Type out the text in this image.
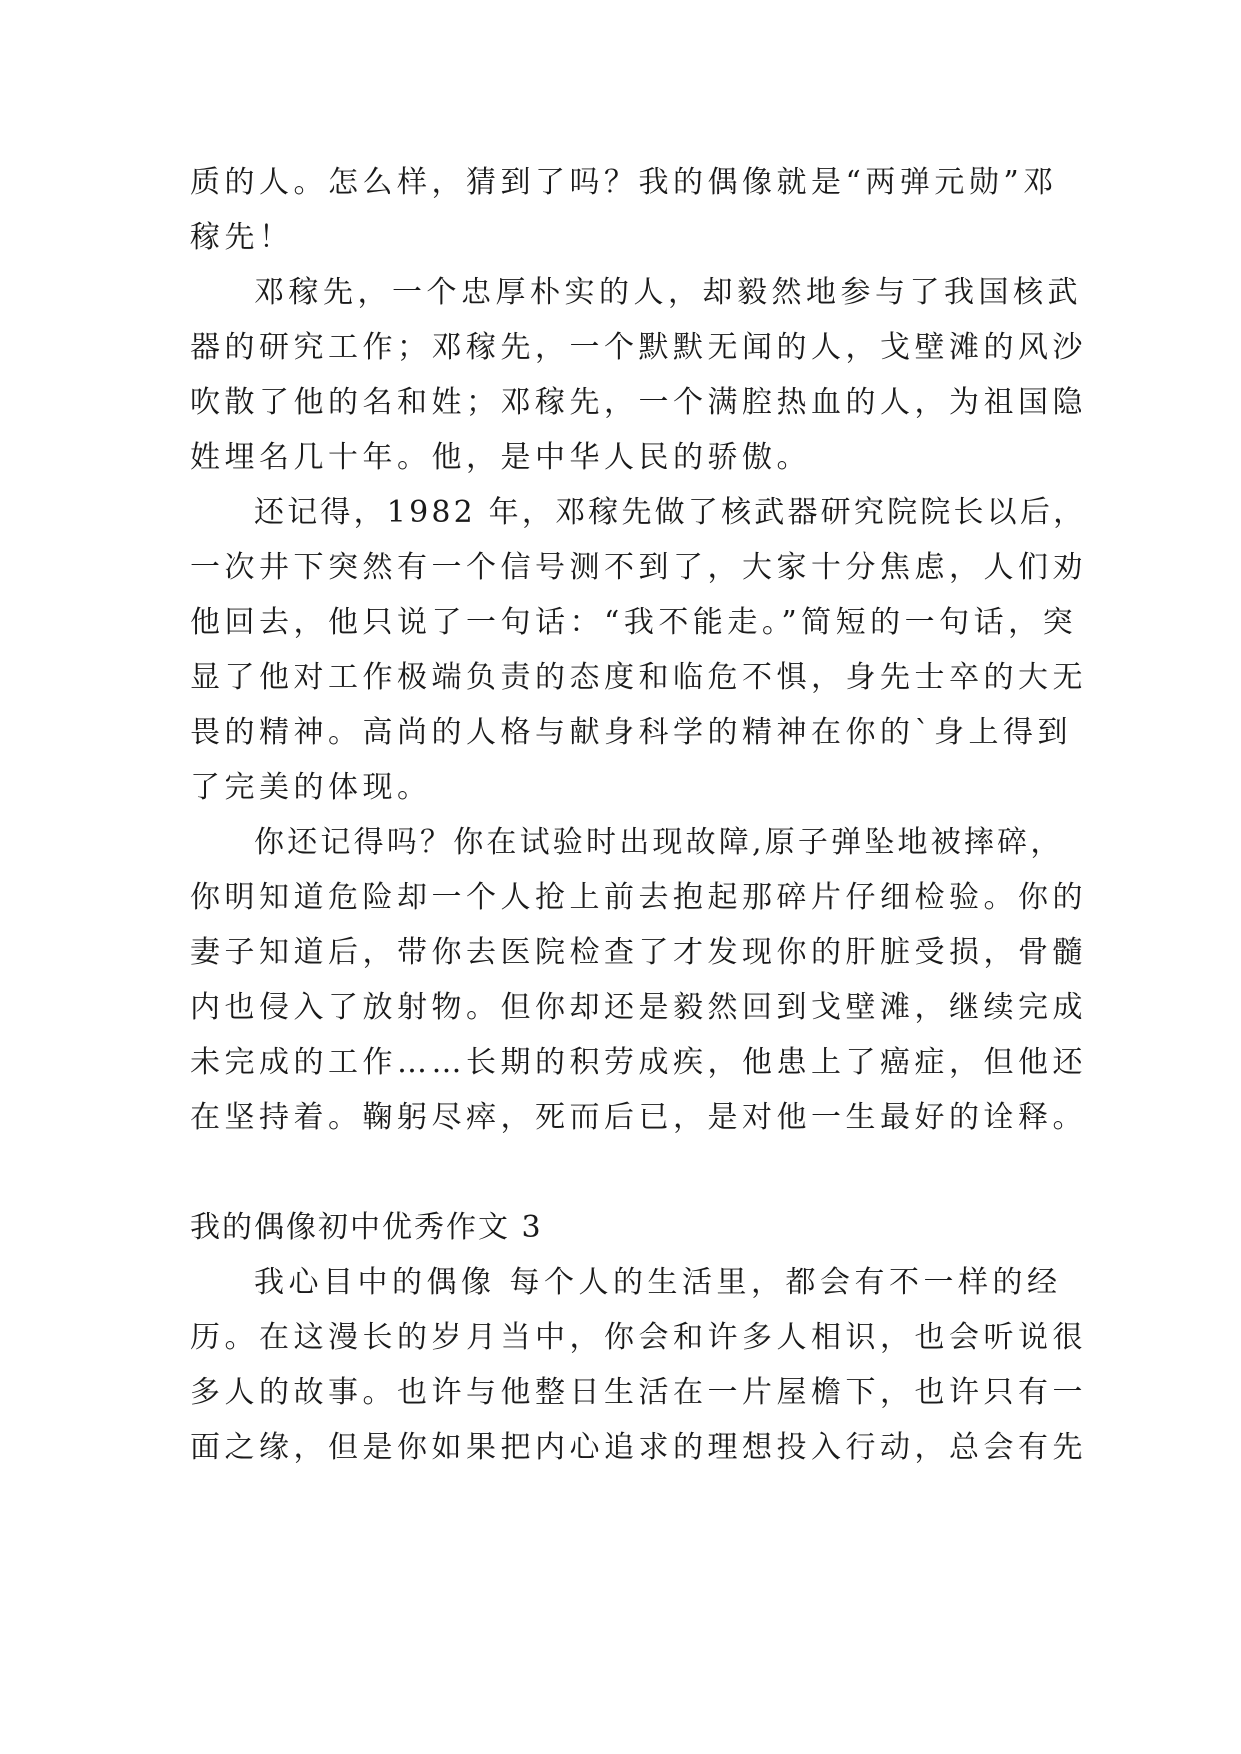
质的人。怎么样，猜到了吗？我的偶像就是“两弹元勋”邓
稼先！
邓稼先，一个忠厚朴实的人，却毅然地参与了我国核武
器的研究工作；邓稼先，一个默默无闻的人，戈壁滩的风沙
吹散了他的名和姓；邓稼先，一个满腔热血的人，为祖国隐
姓埋名几十年。他，是中华人民的骄傲。
还记得，1982 年，邓稼先做了核武器研究院院长以后，
一次井下突然有一个信号测不到了，大家十分焦虑，人们劝
他回去，他只说了一句话：“我不能走。”简短的一句话，突
显了他对工作极端负责的态度和临危不惧，身先士卒的大无
畏的精神。高尚的人格与献身科学的精神在你的`身上得到
了完美的体现。
你还记得吗？你在试验时出现故障,原子弹坠地被摔碎，
你明知道危险却一个人抢上前去抱起那碎片仔细检验。你的
妻子知道后，带你去医院检查了才发现你的肝脏受损，骨髓
内也侵入了放射物。但你却还是毅然回到戈壁滩，继续完成
未完成的工作……长期的积劳成疾，他患上了癌症，但他还
在坚持着。鞠躬尽瘁，死而后已，是对他一生最好的诠释。
我的偶像初中优秀作文 3
我心目中的偶像 每个人的生活里，都会有不一样的经
历。在这漫长的岁月当中，你会和许多人相识，也会听说很
多人的故事。也许与他整日生活在一片屋檐下，也许只有一
面之缘，但是你如果把内心追求的理想投入行动，总会有先
